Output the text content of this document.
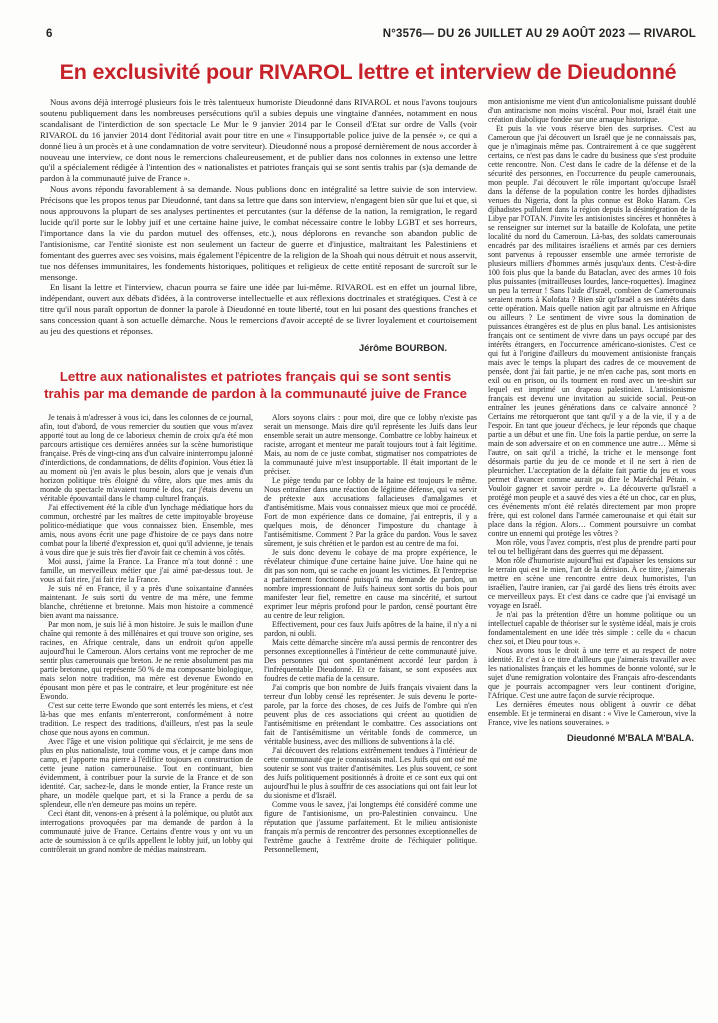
6	N°3576— DU 26 JUILLET AU 29 AOÛT 2023 — RIVAROL
En exclusivité pour RIVAROL lettre et interview de Dieudonné

Nous avons déjà interrogé plusieurs fois le très talentueux humoriste Dieudonné dans RIVAROL et nous l'avons toujours soutenu publiquement dans les nombreuses persécutions qu'il a subies depuis une vingtaine d'années, notamment en nous scandalisant de l'interdiction de son spectacle Le Mur le 9 janvier 2014 par le Conseil d'Etat sur ordre de Valls (voir RIVAROL du 16 janvier 2014 dont l'éditorial avait pour titre en une « l'insupportable police juive de la pensée », ce qui a donné lieu à un procès et à une condamnation de votre serviteur). Dieudonné nous a proposé dernièrement de nous accorder à nouveau une interview, ce dont nous le remercions chaleureusement, et de publier dans nos colonnes in extenso une lettre qu'il a spécialement rédigée à l'intention des « nationalistes et patriotes français qui se sont sentis trahis par (s)a demande de pardon à la communauté juive de France ».

Nous avons répondu favorablement à sa demande. Nous publions donc en intégralité sa lettre suivie de son interview. Précisons que les propos tenus par Dieudonné, tant dans sa lettre que dans son interview, n'engagent bien sûr que lui et que, si nous approuvons la plupart de ses analyses pertinentes et percutantes (sur la défense de la nation, la remigration, le regard lucide qu'il porte sur le lobby juif et une certaine haine juive, le combat nécessaire contre le lobby LGBT et ses horreurs, l'importance dans la vie du pardon mutuel des offenses, etc.), nous déplorons en revanche son abandon public de l'antisionisme, car l'entité sioniste est non seulement un facteur de guerre et d'injustice, maltraitant les Palestiniens et fomentant des guerres avec ses voisins, mais également l'épicentre de la religion de la Shoah qui nous détruit et nous asservit, tue nos défenses immunitaires, les fondements historiques, politiques et religieux de cette entité reposant de surcroît sur le mensonge.

En lisant la lettre et l'interview, chacun pourra se faire une idée par lui-même. RIVAROL est en effet un journal libre, indépendant, ouvert aux débats d'idées, à la controverse intellectuelle et aux réflexions doctrinales et stratégiques. C'est à ce titre qu'il nous paraît opportun de donner la parole à Dieudonné en toute liberté, tout en lui posant des questions franches et sans concession quant à son actuelle démarche. Nous le remercions d'avoir accepté de se livrer loyalement et courtoisement au jeu des questions et réponses.

Jérôme BOURBON.
Lettre aux nationalistes et patriotes français qui se sont sentis
trahis par ma demande de pardon à la communauté juive de France

Je tenais à m'adresser à vous ici, dans les colonnes de ce journal, afin, tout d'abord, de vous remercier du soutien que vous m'avez apporté tout au long de ce laborieux chemin de croix qu'a été mon parcours artistique ces dernières années sur la scène humoristique française. Près de vingt-cinq ans d'un calvaire ininterrompu jalonné d'interdictions, de condamnations, de délits d'opinion. Vous étiez là au moment où j'en avais le plus besoin, alors que je venais d'un horizon politique très éloigné du vôtre, alors que mes amis du monde du spectacle m'avaient tourné le dos, car j'étais devenu un véritable épouvantail dans le champ culturel français.

J'ai effectivement été la cible d'un lynchage médiatique hors du commun, orchestré par les maîtres de cette impitoyable broyeuse politico-médiatique que vous connaissez bien. Ensemble, mes amis, nous avons écrit une page d'histoire de ce pays dans notre combat pour la liberté d'expression et, quoi qu'il advienne, je tenais à vous dire que je suis très fier d'avoir fait ce chemin à vos côtés.

Moi aussi, j'aime la France. La France m'a tout donné : une famille, un merveilleux métier que j'ai aimé par-dessus tout. Je vous ai fait rire, j'ai fait rire la France.

Je suis né en France, il y a près d'une soixantaine d'années maintenant. Je suis sorti du ventre de ma mère, une femme blanche, chrétienne et bretonne. Mais mon histoire a commencé bien avant ma naissance.

Par mon nom, je suis lié à mon histoire. Je suis le maillon d'une chaîne qui remonte à des millénaires et qui trouve son origine, ses racines, en Afrique centrale, dans un endroit qu'on appelle aujourd'hui le Cameroun. Alors certains vont me reprocher de me sentir plus camerounais que breton. Je ne renie absolument pas ma partie bretonne, qui représente 50 % de ma composante biologique, mais selon notre tradition, ma mère est devenue Ewondo en épousant mon père et pas le contraire, et leur progéniture est née Ewondo.

C'est sur cette terre Ewondo que sont enterrés les miens, et c'est là-bas que mes enfants m'enterreront, conformément à notre tradition. Le respect des traditions, d'ailleurs, n'est pas la seule chose que nous ayons en commun.

Avec l'âge et une vision politique qui s'éclaircit, je me sens de plus en plus nationaliste, tout comme vous, et je campe dans mon camp, et j'apporte ma pierre à l'édifice toujours en construction de cette jeune nation camerounaise. Tout en continuant, bien évidemment, à contribuer pour la survie de la France et de son identité. Car, sachez-le, dans le monde entier, la France reste un phare, un modèle quelque part, et si la France a perdu de sa splendeur, elle n'en demeure pas moins un repère.

Ceci étant dit, venons-en à présent à la polémique, ou plutôt aux interrogations provoquées par ma demande de pardon à la communauté juive de France. Certains d'entre vous y ont vu un acte de soumission à ce qu'ils appellent le lobby juif, un lobby qui contrôlerait un grand nombre de médias mainstream.

Alors soyons clairs : pour moi, dire que ce lobby n'existe pas serait un mensonge. Mais dire qu'il représente les Juifs dans leur ensemble serait un autre mensonge. Combattre ce lobby haineux et raciste, arrogant et menteur me paraît toujours tout à fait légitime. Mais, au nom de ce juste combat, stigmatiser nos compatriotes de la communauté juive m'est insupportable. Il était important de le préciser.

Le piège tendu par ce lobby de la haine est toujours le même. Nous entraîner dans une réaction de légitime défense, qui va servir de prétexte aux accusations fallacieuses d'amalgames et d'antisémitisme. Mais vous connaissez mieux que moi ce procédé. Fort de mon expérience dans ce domaine, j'ai entrepris, il y a quelques mois, de dénoncer l'imposture du chantage à l'antisémitisme. Comment ? Par la grâce du pardon. Vous le savez sûrement, je suis chrétien et le pardon est au centre de ma foi.

Je suis donc devenu le cobaye de ma propre expérience, le révélateur chimique d'une certaine haine juive. Une haine qui ne dit pas son nom, qui se cache en jouant les victimes. Et l'entreprise a parfaitement fonctionné puisqu'à ma demande de pardon, un nombre impressionnant de Juifs haineux sont sortis du bois pour manifester leur fiel, remettre en cause ma sincérité, et surtout exprimer leur mépris profond pour le pardon, censé pourtant être au centre de leur religion.

Effectivement, pour ces faux Juifs apôtres de la haine, il n'y a ni pardon, ni oubli.

Mais cette démarche sincère m'a aussi permis de rencontrer des personnes exceptionnelles à l'intérieur de cette communauté juive. Des personnes qui ont spontanément accordé leur pardon à l'infréquentable Dieudonné. Et ce faisant, se sont exposées aux foudres de cette mafia de la censure.

J'ai compris que bon nombre de Juifs français vivaient dans la terreur d'un lobby censé les représenter. Je suis devenu le porte-parole, par la force des choses, de ces Juifs de l'ombre qui n'en peuvent plus de ces associations qui créent au quotidien de l'antisémitisme en prétendant le combattre. Ces associations ont fait de l'antisémitisme un véritable fonds de commerce, un véritable business, avec des millions de subventions à la clé.

J'ai découvert des relations extrêmement tendues à l'intérieur de cette communauté que je connaissais mal. Les Juifs qui ont osé me soutenir se sont vus traiter d'antisémites. Les plus souvent, ce sont des Juifs politiquement positionnés à droite et ce sont eux qui ont aujourd'hui le plus à souffrir de ces associations qui ont fait leur lot du sionisme et d'Israël.

Comme vous le savez, j'ai longtemps été considéré comme une figure de l'antisionisme, un pro-Palestinien convaincu. Une réputation que j'assume parfaitement. Et le milieu antisioniste français m'a permis de rencontrer des personnes exceptionnelles de l'extrême gauche à l'extrême droite de l'échiquier politique. Personnellement,

mon antisionisme me vient d'un anticolonialisme puissant doublé d'un antiracisme non moins viscéral. Pour moi, Israël était une création diabolique fondée sur une arnaque historique.

Et puis la vie vous réserve bien des surprises. C'est au Cameroun que j'ai découvert un Israël que je ne connaissais pas, que je n'imaginais même pas. Contrairement à ce que suggèrent certains, ce n'est pas dans le cadre du business que s'est produite cette rencontre. Non. C'est dans le cadre de la défense et de la sécurité des personnes, en l'occurrence du peuple camerounais, mon peuple. J'ai découvert le rôle important qu'occupe Israël dans la défense de la population contre les hordes djihadistes venues du Nigeria, dont la plus connue est Boko Haram. Ces djihadistes pullulent dans la région depuis la désintégration de la Libye par l'OTAN. J'invite les antisionistes sincères et honnêtes à se renseigner sur internet sur la bataille de Kolofata, une petite localité du nord du Cameroun. Là-bas, des soldats camerounais encadrés par des militaires israéliens et armés par ces derniers sont parvenus à repousser ensemble une armée terroriste de plusieurs milliers d'hommes armés jusqu'aux dents. C'est-à-dire 100 fois plus que la bande du Bataclan, avec des armes 10 fois plus puissantes (mitrailleuses lourdes, lance-roquettes). Imaginez un peu la terreur ! Sans l'aide d'Israël, combien de Camerounais seraient morts à Kolofata ? Bien sûr qu'Israël a ses intérêts dans cette opération. Mais quelle nation agit par altruisme en Afrique ou ailleurs ? Le sentiment de vivre sous la domination de puissances étrangères est de plus en plus banal. Les antisionistes français ont ce sentiment de vivre dans un pays occupé par des intérêts étrangers, en l'occurrence américano-sionistes. C'est ce qui fut à l'origine d'ailleurs du mouvement antisioniste français mais avec le temps la plupart des cadres de ce mouvement de pensée, dont j'ai fait partie, je ne m'en cache pas, sont morts en exil ou en prison, ou ils tournent en rond avec un tee-shirt sur lequel est imprimé un drapeau palestinien. L'antisionisme français est devenu une invitation au suicide social. Peut-on entraîner les jeunes générations dans ce calvaire annoncé ? Certains me rétorqueront que tant qu'il y a de la vie, il y a de l'espoir. En tant que joueur d'échecs, je leur réponds que chaque partie a un début et une fin. Une fois la partie perdue, on serre la main de son adversaire et on en commence une autre… Même si l'autre, on sait qu'il a triché, la triche et le mensonge font désormais partie du jeu de ce monde et il ne sert à rien de pleurnicher. L'acceptation de la défaite fait partie du jeu et vous permet d'avancer comme aurait pu dire le Maréchal Pétain. « Vouloir gagner et savoir perdre ». La découverte qu'Israël a protégé mon peuple et a sauvé des vies a été un choc, car en plus, ces événements m'ont été relatés directement par mon propre frère, qui est colonel dans l'armée camerounaise et qui était sur place dans la région. Alors… Comment poursuivre un combat contre un ennemi qui protège les vôtres ?

Mon rôle, vous l'avez compris, n'est plus de prendre parti pour tel ou tel belligérant dans des guerres qui me dépassent.

Mon rôle d'humoriste aujourd'hui est d'apaiser les tensions sur le terrain qui est le mien, l'art de la dérision. À ce titre, j'aimerais mettre en scène une rencontre entre deux humoristes, l'un israélien, l'autre iranien, car j'ai gardé des liens très étroits avec ce merveilleux pays. Et c'est dans ce cadre que j'ai envisagé un voyage en Israël.

Je n'ai pas la prétention d'être un homme politique ou un intellectuel capable de théoriser sur le système idéal, mais je crois fondamentalement en une idée très simple : celle du « chacun chez soi, et Dieu pour tous ».

Nous avons tous le droit à une terre et au respect de notre identité. Et c'est à ce titre d'ailleurs que j'aimerais travailler avec les nationalistes français et les hommes de bonne volonté, sur le sujet d'une remigration volontaire des Français afro-descendants que je pourrais accompagner vers leur continent d'origine, l'Afrique. C'est une autre façon de survie réciproque.

Les dernières émeutes nous obligent à ouvrir ce débat ensemble. Et je terminerai en disant : « Vive le Cameroun, vive la France, vive les nations souveraines. »

Dieudonné M'BALA M'BALA.
